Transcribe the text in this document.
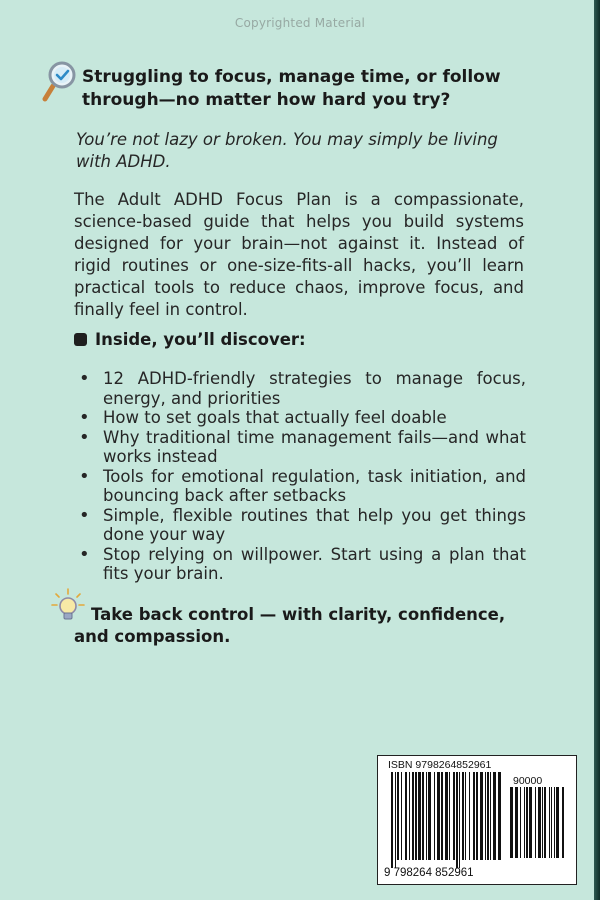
Copyrighted Material
Struggling to focus, manage time, or follow through—no matter how hard you try?
You’re not lazy or broken. You may simply be living with ADHD.
The Adult ADHD Focus Plan is a compassionate, science-based guide that helps you build systems designed for your brain—not against it. Instead of rigid routines or one-size-fits-all hacks, you’ll learn practical tools to reduce chaos, improve focus, and finally feel in control.
Inside, you’ll discover:
• 12 ADHD-friendly strategies to manage focus, energy, and priorities
• How to set goals that actually feel doable
• Why traditional time management fails—and what works instead
• Tools for emotional regulation, task initiation, and bouncing back after setbacks
• Simple, flexible routines that help you get things done your way
• Stop relying on willpower. Start using a plan that fits your brain.
Take back control — with clarity, confidence, and compassion.
ISBN 9798264852961
90000
9 798264 852961
